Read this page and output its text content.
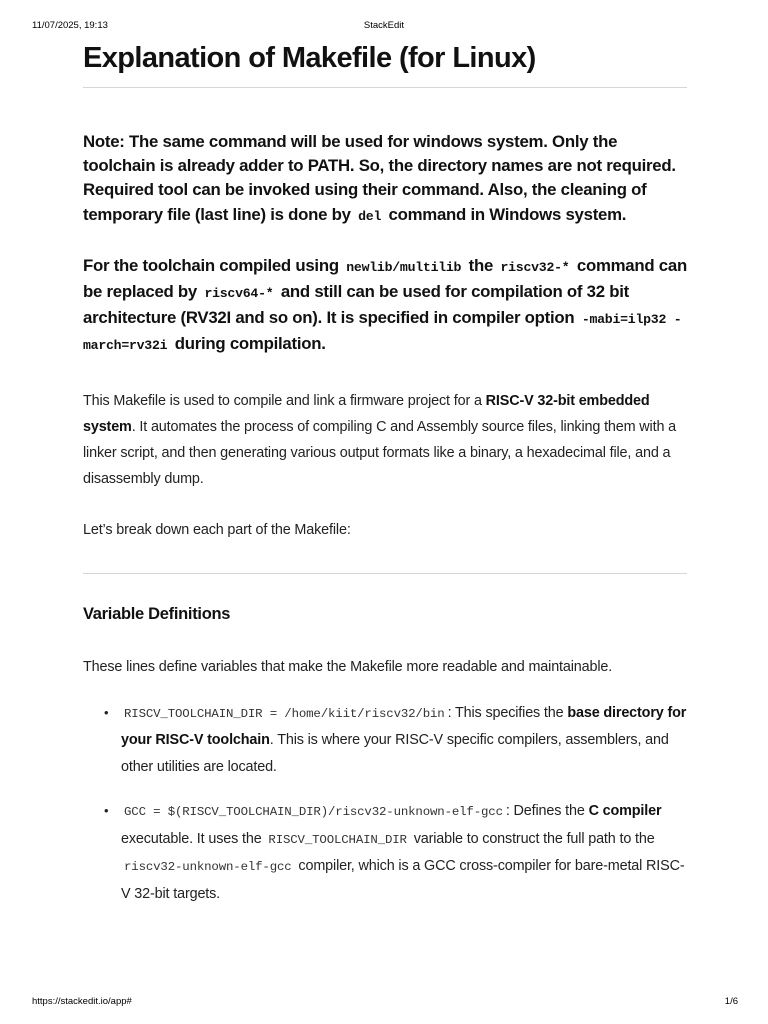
11/07/2025, 19:13	StackEdit
Explanation of Makefile (for Linux)

Note: The same command will be used for windows system. Only the toolchain is already adder to PATH. So, the directory names are not required. Required tool can be invoked using their command. Also, the cleaning of temporary file (last line) is done by del command in Windows system.

For the toolchain compiled using newlib/multilib the riscv32-* command can be replaced by riscv64-* and still can be used for compilation of 32 bit architecture (RV32I and so on). It is specified in compiler option -mabi=ilp32 -march=rv32i during compilation.

This Makefile is used to compile and link a firmware project for a RISC-V 32-bit embedded system. It automates the process of compiling C and Assembly source files, linking them with a linker script, and then generating various output formats like a binary, a hexadecimal file, and a disassembly dump.

Let’s break down each part of the Makefile:

Variable Definitions

These lines define variables that make the Makefile more readable and maintainable.

• RISCV_TOOLCHAIN_DIR = /home/kiit/riscv32/bin : This specifies the base directory for your RISC-V toolchain. This is where your RISC-V specific compilers, assemblers, and other utilities are located.
• GCC = $(RISCV_TOOLCHAIN_DIR)/riscv32-unknown-elf-gcc : Defines the C compiler executable. It uses the RISCV_TOOLCHAIN_DIR variable to construct the full path to the riscv32-unknown-elf-gcc compiler, which is a GCC cross-compiler for bare-metal RISC-V 32-bit targets.
https://stackedit.io/app#	1/6
